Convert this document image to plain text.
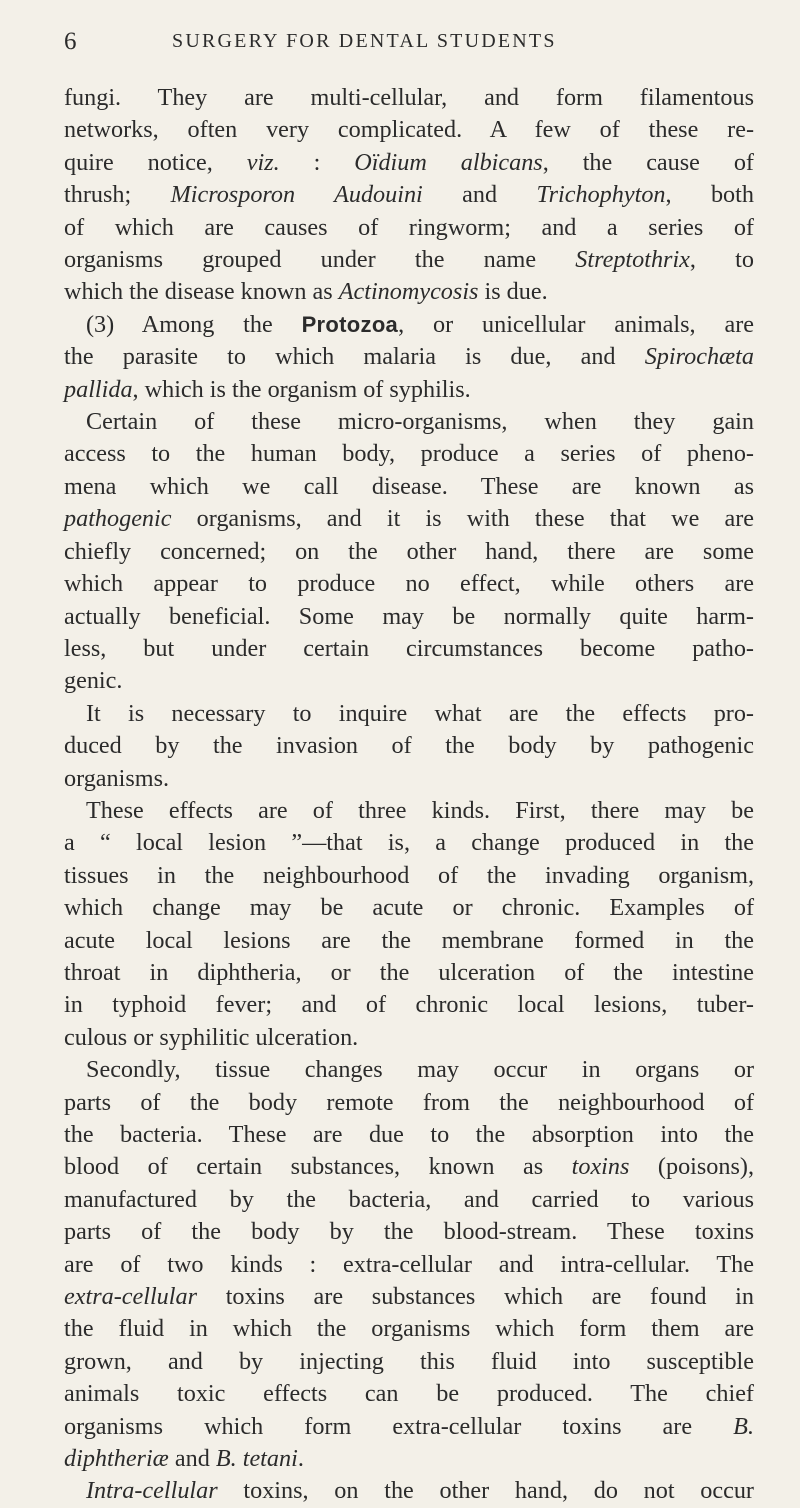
6	SURGERY FOR DENTAL STUDENTS
fungi. They are multi-cellular, and form filamentous
networks, often very complicated. A few of these re-
quire notice, viz. : Oïdium albicans, the cause of
thrush; Microsporon Audouini and Trichophyton, both
of which are causes of ringworm; and a series of
organisms grouped under the name Streptothrix, to
which the disease known as Actinomycosis is due.
(3) Among the Protozoa, or unicellular animals, are
the parasite to which malaria is due, and Spirochæta
pallida, which is the organism of syphilis.
Certain of these micro-organisms, when they gain
access to the human body, produce a series of pheno-
mena which we call disease. These are known as
pathogenic organisms, and it is with these that we are
chiefly concerned; on the other hand, there are some
which appear to produce no effect, while others are
actually beneficial. Some may be normally quite harm-
less, but under certain circumstances become patho-
genic.
It is necessary to inquire what are the effects pro-
duced by the invasion of the body by pathogenic
organisms.
These effects are of three kinds. First, there may be
a “ local lesion ”—that is, a change produced in the
tissues in the neighbourhood of the invading organism,
which change may be acute or chronic. Examples of
acute local lesions are the membrane formed in the
throat in diphtheria, or the ulceration of the intestine
in typhoid fever; and of chronic local lesions, tuber-
culous or syphilitic ulceration.
Secondly, tissue changes may occur in organs or
parts of the body remote from the neighbourhood of
the bacteria. These are due to the absorption into the
blood of certain substances, known as toxins (poisons),
manufactured by the bacteria, and carried to various
parts of the body by the blood-stream. These toxins
are of two kinds : extra-cellular and intra-cellular. The
extra-cellular toxins are substances which are found in
the fluid in which the organisms which form them are
grown, and by injecting this fluid into susceptible
animals toxic effects can be produced. The chief
organisms which form extra-cellular toxins are B.
diphtheriæ and B. tetani.
Intra-cellular toxins, on the other hand, do not occur
